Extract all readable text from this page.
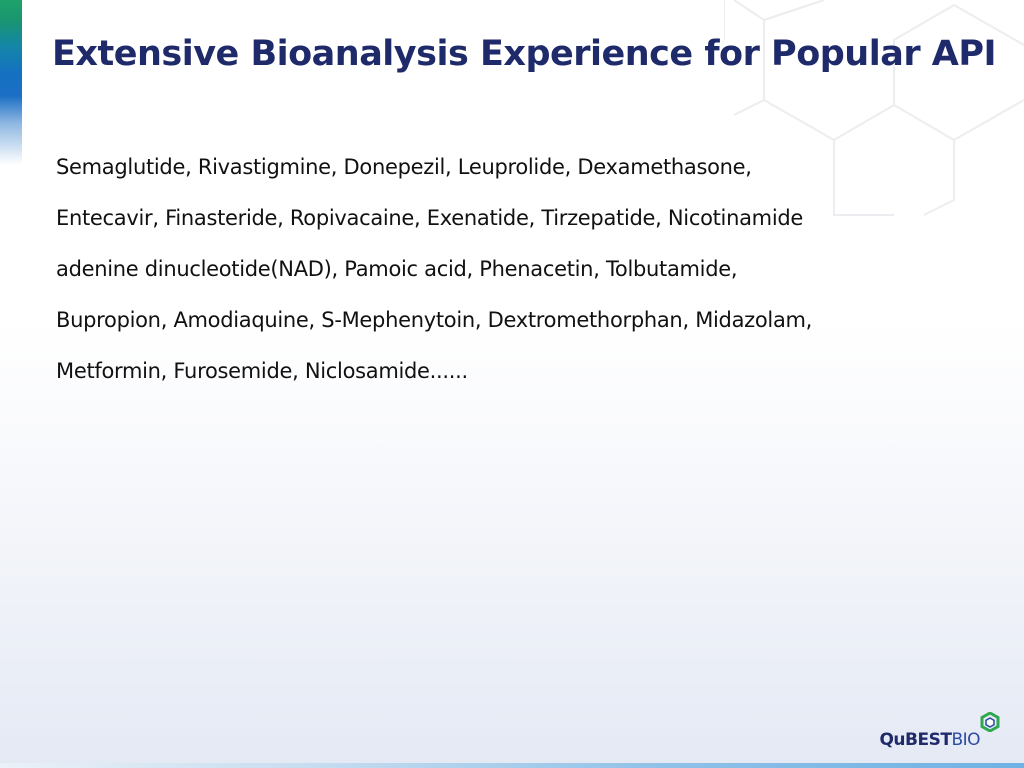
Extensive Bioanalysis Experience for Popular API

Semaglutide, Rivastigmine, Donepezil, Leuprolide, Dexamethasone,
Entecavir, Finasteride, Ropivacaine, Exenatide, Tirzepatide, Nicotinamide
adenine dinucleotide(NAD), Pamoic acid, Phenacetin, Tolbutamide,
Bupropion, Amodiaquine, S-Mephenytoin, Dextromethorphan, Midazolam,
Metformin, Furosemide, Niclosamide......

QuBESTBIO
